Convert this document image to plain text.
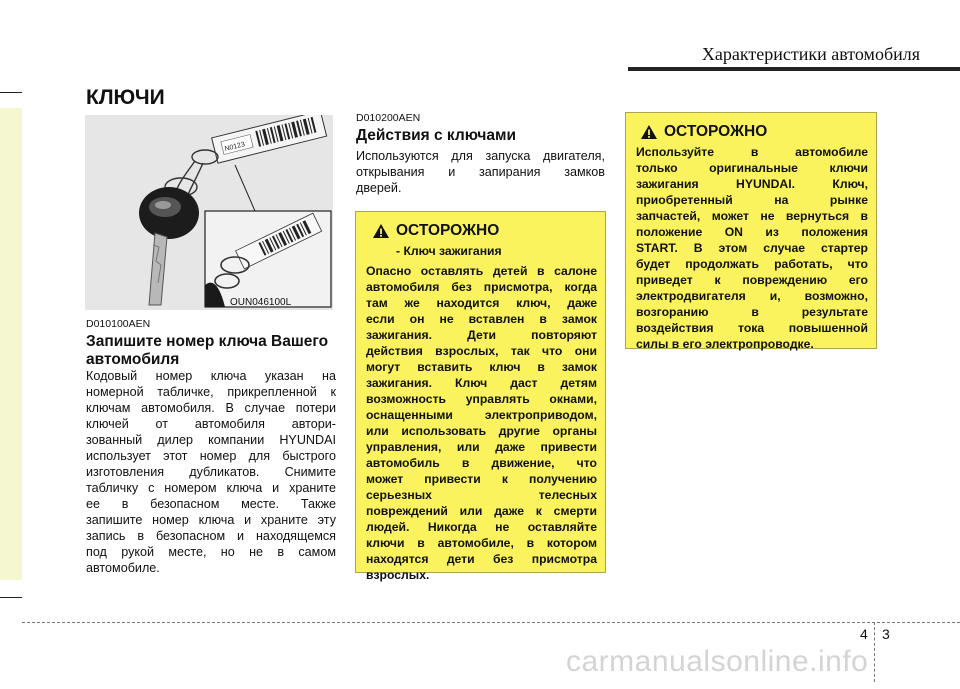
Характеристики автомобиля
КЛЮЧИ
N0123
OUN046100L
D010100AEN
Запишите номер ключа Вашего
автомобиля
Кодовый номер ключа указан на
номерной табличке, прикрепленной к
ключам автомобиля. В случае потери
ключей от автомобиля автори-
зованный дилер компании HYUNDAI
использует этот номер для быстрого
изготовления дубликатов. Снимите
табличку с номером ключа и храните
ее в безопасном месте. Также
запишите номер ключа и храните эту
запись в безопасном и находящемся
под рукой месте, но не в самом
автомобиле.
D010200AEN
Действия с ключами
Используются для запуска двигателя,
открывания и запирания замков
дверей.
ОСТОРОЖНО
- Ключ зажигания
Опасно оставлять детей в салоне
автомобиля без присмотра, когда
там же находится ключ, даже
если он не вставлен в замок
зажигания. Дети повторяют
действия взрослых, так что они
могут вставить ключ в замок
зажигания. Ключ даст детям
возможность управлять окнами,
оснащенными электроприводом,
или использовать другие органы
управления, или даже привести
автомобиль в движение, что
может привести к получению
серьезных телесных
повреждений или даже к смерти
людей. Никогда не оставляйте
ключи в автомобиле, в котором
находятся дети без присмотра
взрослых.
ОСТОРОЖНО
Используйте в автомобиле
только оригинальные ключи
зажигания HYUNDAI. Ключ,
приобретенный на рынке
запчастей, может не вернуться в
положение ON из положения
START. В этом случае стартер
будет продолжать работать, что
приведет к повреждению его
электродвигателя и, возможно,
возгоранию в результате
воздействия тока повышенной
силы в его электропроводке.
4 3
carmanualsonline.info
